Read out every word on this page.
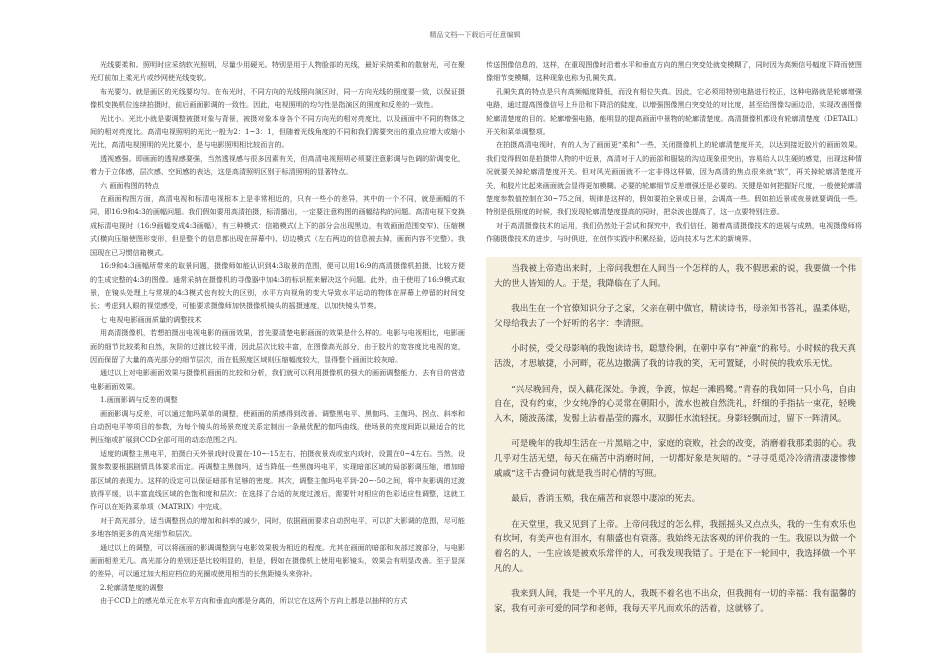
精品文档---下载后可任意编辑

光线要柔和。照明时应采纳软光照明，尽量少用硬光。特别是用于人物脸部的光线，最好采纳柔和的散射光，可在聚光灯前加上柔光片或纱网使光线变软。

布光要匀。就是画区的光线要均匀。在布光时，不同方向的光线照向演区时，同一方向光线的照度要一致，以保证摄像机变换机位连续拍摄时，前后画面影调的一致性。因此，电视照明的均匀性是指演区的照度和反差的一致性。

光比小。光比小就是要调整被摄对象与背景，被摄对象本身各个不同方向光的相对亮度比，以及画面中不同的物体之间的相对亮度比。高清电视照明的光比一般为2：1~3：1，但随着光线角度的不同和我们需要突出的重点应增大或缩小光比，高清电视照明的光比要小，是与电影照明相比较而言的。

透视感强。即画面的透视感要强，当然透视感与很多因素有关，但高清电视照明必须要注意影调与色调的阶调变化，着力于立体感，层次感、空间感的表达，这是高清照明区别于标清照明的显著特点。

六 画面构图的特点

在画面构图方面，高清电视和标清电视根本上是非常相近的，只有一些小的差异，其中的一个不同，就是画幅的不同，即16:9和4:3的画幅问题。我们假如要用高清拍摄，标清播出，一定要注意构图的画幅结构的问题。高清电视下变换成标清电视时（16:9画幅变成4:3画幅），有三种模式：信箱模式(上下的部分会出现黑边，有效画面范围变窄)、压缩模式(横向压缩使图形变形，但是整个的信息都出现在屏幕中)、切边模式（左右两边的信息被去掉，画面内容不完整）。我国现在已习惯信箱模式。

16:9和4:3画幅所带来的取景问题，摄像师如能认识到4:3取景的范围，便可以用16:9的高清摄像机拍摄，比较方便的生成完整的4:3的图像。通常采纳在摄像机的寻像器中加4:3的标识框来解决这个问题。此外，由于使用了16:9模式取景，在镜头处理上与常规的4:3模式也有较大的区别，水平方向视角的变大导致水平运动的物体在屏幕上停留的时间变长；考虑到人眼的视觉感受，可能要求摄像师加快摄像机镜头的摇摄速度，以加快镜头节奏。

七 电视电影画面质量的调整技术

用高清摄像机，若想拍摄出电视电影的画面效果，首先要清楚电影画面的效果是什么样的。电影与电视相比，电影画面的细节比较柔和自然，灰阶的过渡比较平滑，因此层次比较丰富，在图像高光部分，由于胶片的宽容度比电视的宽，因而保留了大量的高光部分的细节层次，而在低照度区域则压缩幅度较大，显得整个画面比较灰暗。

通过以上对电影画面效果与摄像机画面的比较和分析，我们就可以利用摄像机的强大的画面调整能力，去有目的营造电影画面效果。

1.画面影调与反差的调整

画面影调与反差，可以通过伽玛菜单的调整，使画面的质感得到改善。调整黑电平、黑伽玛、主伽玛、拐点、斜率和自动拐电平等项目的参数，为每个镜头的场景亮度关系定制出一条最优配的伽玛曲线，使场景的亮度间距以最适合的比例压缩或扩展到CCD全部可用的动态范围之内。

适度的调整主黑电平，拍摄白天外景戏时设置在-10~-15左右，拍摄夜景戏或室内戏时，设置在0~4左右。当然，设置参数要根据剧情具体要求而定。再调整主黑伽玛，适当降低一些黑伽玛电平，实现暗部区域的局部影调压缩，增加暗部区域的表现力。这样的设定可以保证暗部有足够的密度。其次，调整主伽玛电平到-20~-50之间，将中灰影调的过渡放得平缓，以丰富直线区域的色饱和度和层次；在选择了合适的灰度过渡后，需要针对相应的色彩适应性调整，这就工作可以在矩阵菜单项（MATRIX）中完成。

对于高光部分，适当调整拐点的增加和斜率的减少，同时，依据画面要求自动拐电平，可以扩大影调的范围，尽可能多地容纳更多的高光细节和层次。

通过以上的调整，可以将画面的影调调整到与电影效果极为相近的程度。尤其在画面的暗部和灰部过渡部分，与电影画面相差无几。高光部分的差别还是比较明显的，但是，假如在摄像机上使用电影镜头，效果会有明显改善。至于显深的差异，可以通过加大相应档位的光圈或使用相当的长焦距镜头来弥补。

2.轮廓清楚度的调整

由于CCD上的感光单元在水平方向和垂直向都是分离的，所以它在这两个方向上都是以抽样的方式

传送图像信息的，这样，在重现图像时沿着水平和垂直方向的黑白突变处就变模糊了，同时因为高频信号幅度下降而使图像细节变模糊，这种现象也称为孔阑失真。

孔阑失真的特点是只有高频幅度降低，而没有相位失真。因此，它必须用特别电路进行校正，这种电路就是轮廓增强电路，通过提高图像信号上升沿和下降沿的陡度，以增强图像黑白突变处的对比度，甚至给图像勾画边沿，实现改善图像轮廓清楚度的目的。轮廓增强电路，能明显的提高画面中景物的轮廓清楚度。高清摄像机都设有轮廓清楚度（DETAIL）开关和菜单调整项。

在拍摄高清电视时，有的人为了画面更“柔和”一些，关闭摄像机上的轮廓清楚度开关，以达到接近胶片的画面效果。我们觉得假如是拍摄带人物的中近景，高清对于人的面部和服装的沟边现象很突出，容易给人以生硬的感觉，出现这种情况就要关掉轮廓清楚度开关。但对风光画面就不一定非得这样做，因为高清的焦点很来就“软”，再关掉轮廓清楚度开关，和胶片比起来画面就会显得更加模糊。必要的轮廓细节反差增强还是必要的。关键是如何把握好尺度，一般使轮廓清楚度参数值控制在30~75之间，规律是这样的，假如要拍全景或日景，会调高一些。假如拍近景或夜景就要调低一些。特别是低照度的时候，我们发现轮廓清楚度提高的同时，把杂波也提高了，这一点要特别注意。

对于高清摄像技术的运用，我们仍然处于尝试和探究中，我们信任，随着高清摄像技术的进展与成熟，电视摄像师将作随摄像技术的进步，与时俱进，在创作实践中积累经验，迈向技术与艺术的新境界。

当我被上帝造出来时，上帝问我想在人间当一个怎样的人，我不假思索的说，我要做一个伟大的世人皆知的人。于是，我降临在了人间。

我出生在一个官僚知识分子之家，父亲在朝中做官，精读诗书，母亲知书答礼，温柔体贴，父母给我去了一个好听的名字：李清照。

小时侯，受父母影响的我饱读诗书，聪慧伶俐，在朝中享有“神童”的称号。小时候的我天真活泼，才思敏捷，小河畔，花丛边撒满了我的诗我的笑，无可置疑，小时侯的我欢乐无忧。

“兴尽晚回舟，误入藕花深处。争渡，争渡，惊起一滩鸥鹭。”青春的我如同一只小鸟，自由自在，没有约束，少女纯净的心灵常在朝阳小，流水也被自然洗礼，纤细的手指拈一束花，轻晚入木，随波荡漾，发髻上沾着晶莹的露水，双脚任水流轻抚。身影轻飘而过，留下一阵清风。

可是晚年的我却生活在一片黑暗之中，家庭的衰败，社会的改变，消磨着我那柔弱的心。我几乎对生活无望，每天在痛苦中消磨时间，一切都好象是灰暗的。“寻寻觅觅冷冷清清凄凄惨惨戚戚”这千古叠词句就是我当时心情的写照。

最后，香消玉殒，我在痛苦和哀怨中凄凉的死去。

在天堂里，我又见到了上帝。上帝问我过的怎么样，我摇摇头又点点头，我的一生有欢乐也有坎坷，有美声也有泪水，有鼎盛也有衰落。我始终无法客观的评价我的一生。我原以为做一个着名的人，一生应该是被欢乐常伴的人，可我发现我错了。于是在下一轮回中，我选择做一个平凡的人。

我来到人间，我是一个平凡的人，我既不着名也不出众，但我拥有一切的幸福：我有温馨的家，我有可亲可爱的同学和老师，我每天平凡而欢乐的活着，这就够了。
